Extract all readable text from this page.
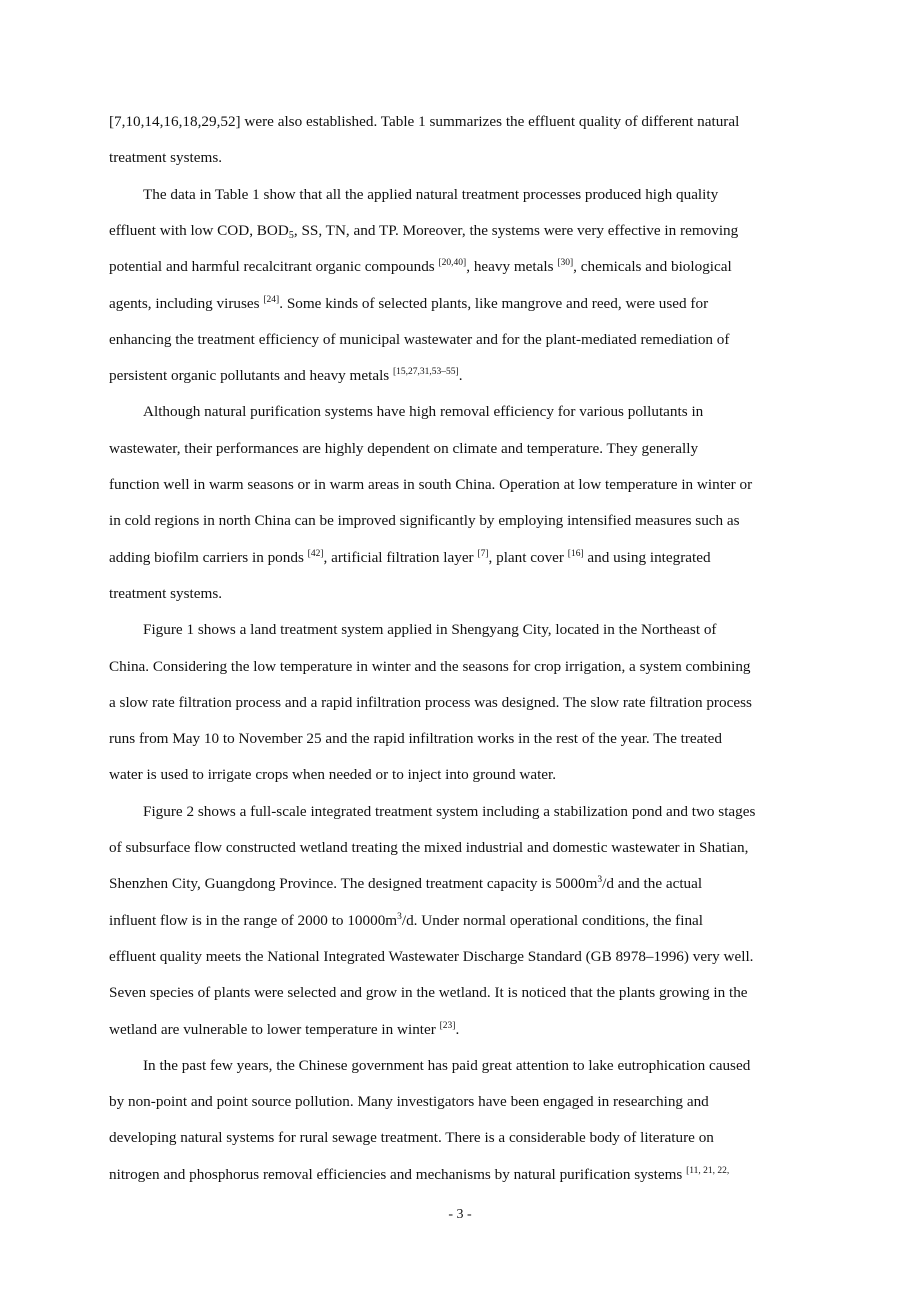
[7,10,14,16,18,29,52] were also established. Table 1 summarizes the effluent quality of different natural
treatment systems.
The data in Table 1 show that all the applied natural treatment processes produced high quality
effluent with low COD, $BOD_5$, SS, TN, and TP. Moreover, the systems were very effective in removing
potential and harmful recalcitrant organic compounds [20,40], heavy metals [30], chemicals and biological
agents, including viruses [24]. Some kinds of selected plants, like mangrove and reed, were used for
enhancing the treatment efficiency of municipal wastewater and for the plant-mediated remediation of
persistent organic pollutants and heavy metals [15,27,31,53–55].
Although natural purification systems have high removal efficiency for various pollutants in
wastewater, their performances are highly dependent on climate and temperature. They generally
function well in warm seasons or in warm areas in south China. Operation at low temperature in winter or
in cold regions in north China can be improved significantly by employing intensified measures such as
adding biofilm carriers in ponds [42], artificial filtration layer [7], plant cover [16] and using integrated
treatment systems.
Figure 1 shows a land treatment system applied in Shengyang City, located in the Northeast of
China. Considering the low temperature in winter and the seasons for crop irrigation, a system combining
a slow rate filtration process and a rapid infiltration process was designed. The slow rate filtration process
runs from May 10 to November 25 and the rapid infiltration works in the rest of the year. The treated
water is used to irrigate crops when needed or to inject into ground water.
Figure 2 shows a full-scale integrated treatment system including a stabilization pond and two stages
of subsurface flow constructed wetland treating the mixed industrial and domestic wastewater in Shatian,
Shenzhen City, Guangdong Province. The designed treatment capacity is $5000m^3/d$ and the actual
influent flow is in the range of 2000 to $10000m^3/d$. Under normal operational conditions, the final
effluent quality meets the National Integrated Wastewater Discharge Standard (GB 8978–1996) very well.
Seven species of plants were selected and grow in the wetland. It is noticed that the plants growing in the
wetland are vulnerable to lower temperature in winter [23].
In the past few years, the Chinese government has paid great attention to lake eutrophication caused
by non-point and point source pollution. Many investigators have been engaged in researching and
developing natural systems for rural sewage treatment. There is a considerable body of literature on
nitrogen and phosphorus removal efficiencies and mechanisms by natural purification systems $^{[11, 21, 22,}$
- 3 -
